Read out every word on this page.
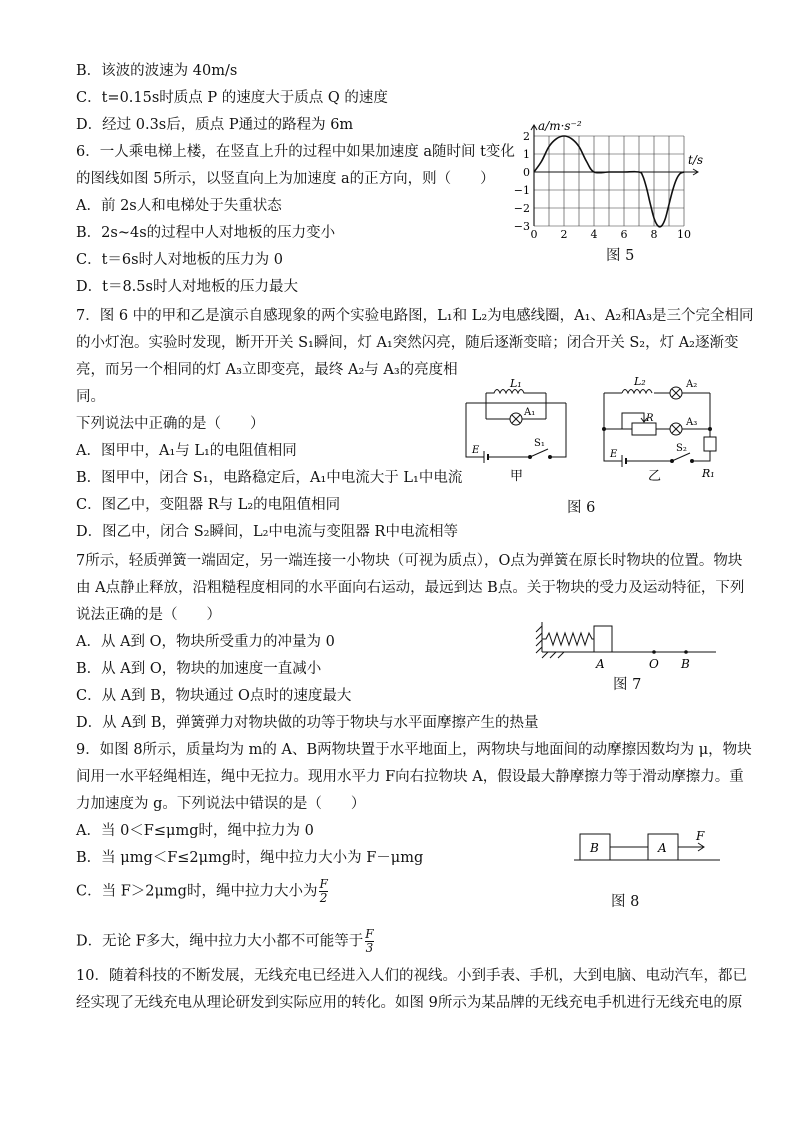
B．该波的波速为 40m/s
C．t=0.15s时质点 P 的速度大于质点 Q 的速度
D．经过 0.3s后，质点 P通过的路程为 6m
6．一人乘电梯上楼，在竖直上升的过程中如果加速度 a随时间 t变化
的图线如图 5所示，以竖直向上为加速度 a的正方向，则（　　）
A．前 2s人和电梯处于失重状态
B．2s~4s的过程中人对地板的压力变小
C．t＝6s时人对地板的压力为 0
D．t＝8.5s时人对地板的压力最大
0 2 4 6 8 10
2
1
0
−1
−2
−3
a/m·s⁻²
t/s
图 5
7．图 6 中的甲和乙是演示自感现象的两个实验电路图，L₁和 L₂为电感线圈，A₁、A₂和A₃是三个完全相同
的小灯泡。实验时发现，断开开关 S₁瞬间，灯 A₁突然闪亮，随后逐渐变暗；闭合开关 S₂，灯 A₂逐渐变
亮，而另一个相同的灯 A₃立即变亮，最终 A₂与 A₃的亮度相
同。
下列说法中正确的是（　　）
A．图甲中，A₁与 L₁的电阻值相同
B．图甲中，闭合 S₁，电路稳定后，A₁中电流大于 L₁中电流
C．图乙中，变阻器 R与 L₂的电阻值相同
D．图乙中，闭合 S₂瞬间，L₂中电流与变阻器 R中电流相等
L₁
A₁
E
S₁
甲
L₂	A₂
R	A₃
E
S₂
R₁
乙
图 6
7所示，轻质弹簧一端固定，另一端连接一小物块（可视为质点），O点为弹簧在原长时物块的位置。物块
由 A点静止释放，沿粗糙程度相同的水平面向右运动，最远到达 B点。关于物块的受力及运动特征，下列
说法正确的是（　　）
A．从 A到 O，物块所受重力的冲量为 0
B．从 A到 O，物块的加速度一直减小
C．从 A到 B，物块通过 O点时的速度最大
D．从 A到 B，弹簧弹力对物块做的功等于物块与水平面摩擦产生的热量
A	O B
图 7
9．如图 8所示，质量均为 m的 A、B两物块置于水平地面上，两物块与地面间的动摩擦因数均为 μ，物块
间用一水平轻绳相连，绳中无拉力。现用水平力 F向右拉物块 A，假设最大静摩擦力等于滑动摩擦力。重
力加速度为 g。下列说法中错误的是（　　）
A．当 0＜F≤μmg时，绳中拉力为 0
B．当 μmg＜F≤2μmg时，绳中拉力大小为 F－μmg
C．当 F＞2μmg时，绳中拉力大小为 $\frac{F}{2}$
D．无论 F多大，绳中拉力大小都不可能等于 $\frac{F}{3}$
B	A
F
图 8
10．随着科技的不断发展，无线充电已经进入人们的视线。小到手表、手机，大到电脑、电动汽车，都已
经实现了无线充电从理论研发到实际应用的转化。如图 9所示为某品牌的无线充电手机进行无线充电的原
